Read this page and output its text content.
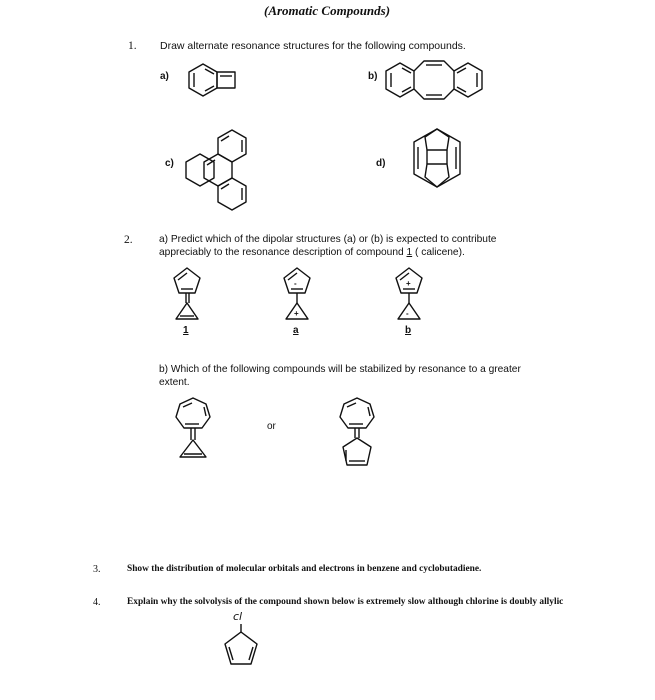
(Aromatic Compounds)
1. Draw alternate resonance structures for the following compounds.
a)	b)
c)	d)
2.	a) Predict which of the dipolar structures (a) or (b) is expected to contribute
appreciably to the resonance description of compound 1 ( calicene).
1
-
+
a
+
-
b
b) Which of the following compounds will be stabilized by resonance to a greater
extent.
or
3.	Show the distribution of molecular orbitals and electrons in benzene and cyclobutadiene.
4.	Explain why the solvolysis of the compound shown below is extremely slow although chlorine is doubly allylic
cl
